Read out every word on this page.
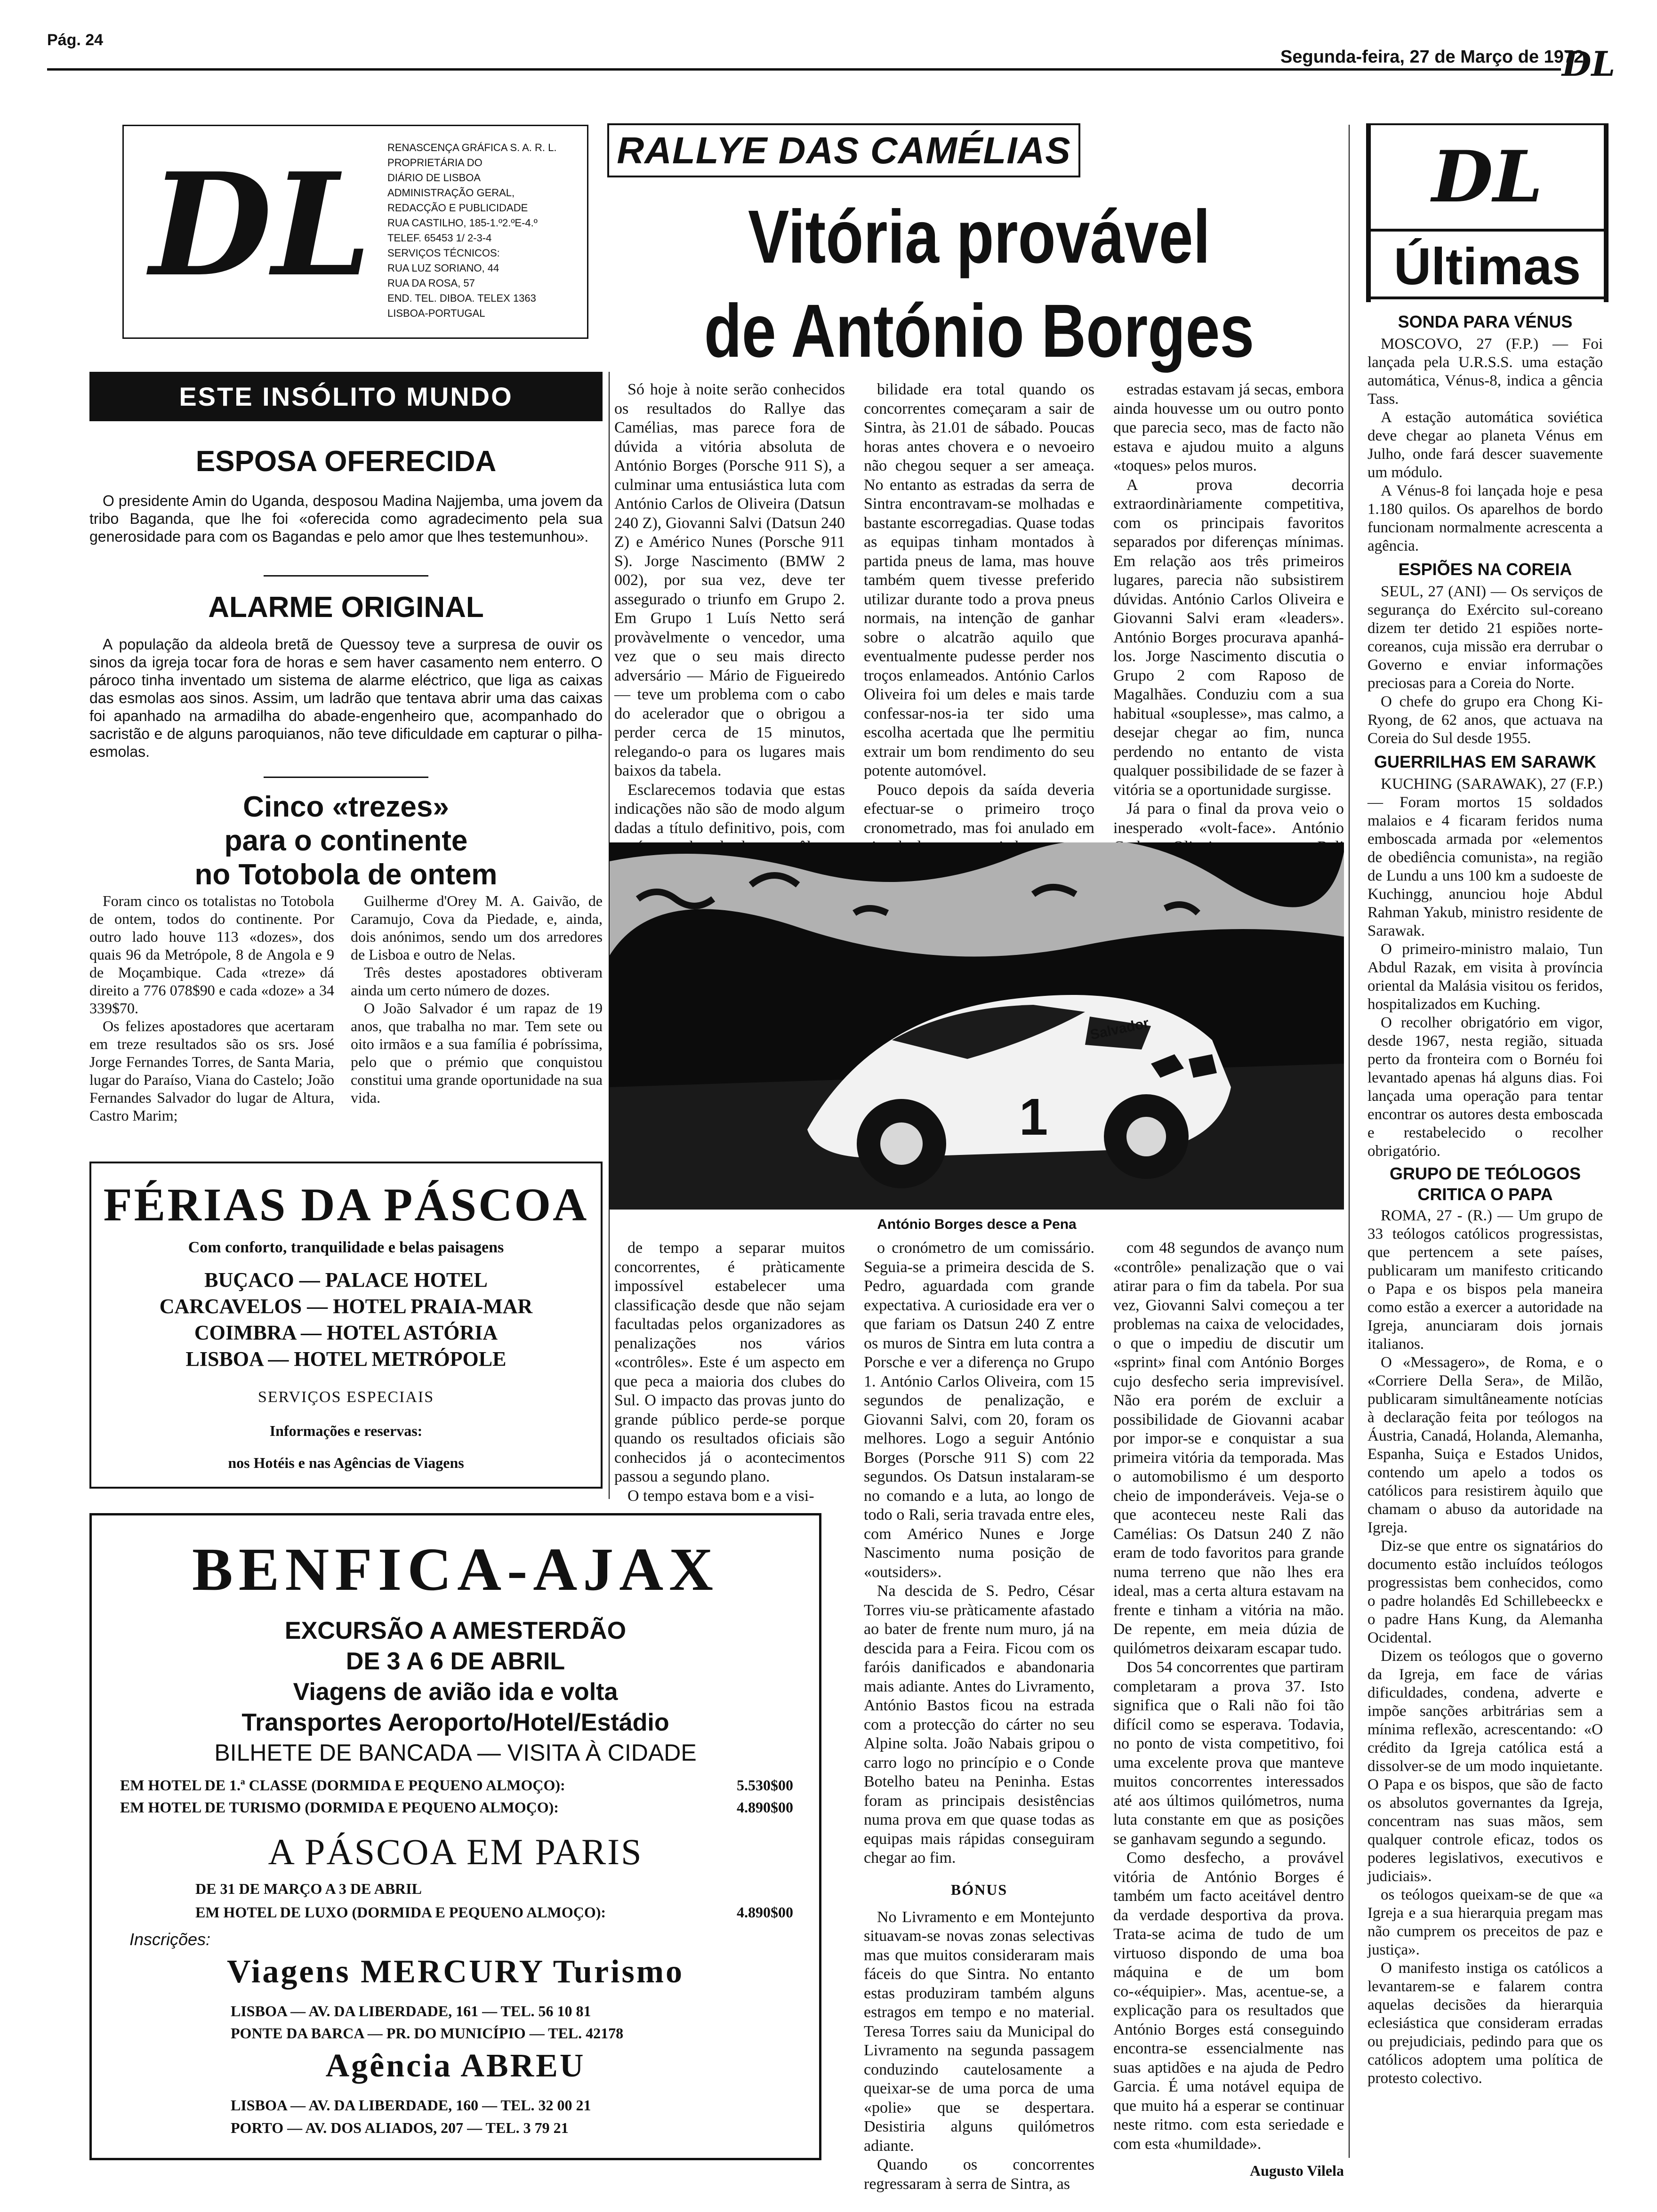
Pág. 24
Segunda-feira, 27 de Março de 1972
DL
DL RENASCENÇA GRÁFICA S. A. R. L.
PROPRIETÁRIA DO
DIÁRIO DE LISBOA
ADMINISTRAÇÃO GERAL,
REDACÇÃO E PUBLICIDADE
RUA CASTILHO, 185-1.º2.ºE-4.º
TELEF. 65453 1/ 2-3-4
SERVIÇOS TÉCNICOS:
RUA LUZ SORIANO, 44
RUA DA ROSA, 57
END. TEL. DIBOA. TELEX 1363
LISBOA-PORTUGAL
ESTE INSÓLITO MUNDO
ESPOSA OFERECIDA

O presidente Amin do Uganda, desposou Madina Najjemba, uma jovem da tribo Baganda, que lhe foi «oferecida como agradecimento pela sua generosidade para com os Bagandas e pelo amor que lhes testemunhou».

ALARME ORIGINAL

A população da aldeola bretã de Quessoy teve a surpresa de ouvir os sinos da igreja tocar fora de horas e sem haver casamento nem enterro. O pároco tinha inventado um sistema de alarme eléctrico, que liga as caixas das esmolas aos sinos. Assim, um ladrão que tentava abrir uma das caixas foi apanhado na armadilha do abade-engenheiro que, acompanhado do sacristão e de alguns paroquianos, não teve dificuldade em capturar o pilha-esmolas.

Cinco «trezes»
para o continente
no Totobola de ontem

Foram cinco os totalistas no Totobola de ontem, todos do continente. Por outro lado houve 113 «dozes», dos quais 96 da Metrópole, 8 de Angola e 9 de Moçambique. Cada «treze» dá direito a 776 078$90 e cada «doze» a 34 339$70.

Os felizes apostadores que acertaram em treze resultados são os srs. José Jorge Fernandes Torres, de Santa Maria, lugar do Paraíso, Viana do Castelo; João Fernandes Salvador do lugar de Altura, Castro Marim;

Guilherme d'Orey M. A. Gaivão, de Caramujo, Cova da Piedade, e, ainda, dois anónimos, sendo um dos arredores de Lisboa e outro de Nelas.

Três destes apostadores obtiveram ainda um certo número de dozes.

O João Salvador é um rapaz de 19 anos, que trabalha no mar. Tem sete ou oito irmãos e a sua família é pobríssima, pelo que o prémio que conquistou constitui uma grande oportunidade na sua vida.

FÉRIAS DA PÁSCOA
Com conforto, tranquilidade e belas paisagens
BUÇACO — PALACE HOTEL
CARCAVELOS — HOTEL PRAIA-MAR
COIMBRA — HOTEL ASTÓRIA
LISBOA — HOTEL METRÓPOLE
SERVIÇOS ESPECIAIS
Informações e reservas:
nos Hotéis e nas Agências de Viagens
BENFICA-AJAX
EXCURSÃO A AMESTERDÃO
DE 3 A 6 DE ABRIL
Viagens de avião ida e volta
Transportes Aeroporto/Hotel/Estádio
BILHETE DE BANCADA — VISITA À CIDADE
EM HOTEL DE 1.ª CLASSE (DORMIDA E PEQUENO ALMOÇO):	5.530$00
EM HOTEL DE TURISMO (DORMIDA E PEQUENO ALMOÇO):	4.890$00
A PÁSCOA EM PARIS
DE 31 DE MARÇO A 3 DE ABRIL
EM HOTEL DE LUXO (DORMIDA E PEQUENO ALMOÇO):	4.890$00
Inscrições:
Viagens MERCURY Turismo
LISBOA — AV. DA LIBERDADE, 161 — TEL. 56 10 81
PONTE DA BARCA — PR. DO MUNICÍPIO — TEL. 42178
Agência ABREU
LISBOA — AV. DA LIBERDADE, 160 — TEL. 32 00 21
PORTO — AV. DOS ALIADOS, 207 — TEL. 3 79 21
RALLYE DAS CAMÉLIAS
Vitória provável
de António Borges

Só hoje à noite serão conhecidos os resultados do Rallye das Camélias, mas parece fora de dúvida a vitória absoluta de António Borges (Porsche 911 S), a culminar uma entusiástica luta com António Carlos de Oliveira (Datsun 240 Z), Giovanni Salvi (Datsun 240 Z) e Américo Nunes (Porsche 911 S). Jorge Nascimento (BMW 2 002), por sua vez, deve ter assegurado o triunfo em Grupo 2. Em Grupo 1 Luís Netto será provàvelmente o vencedor, uma vez que o seu mais directo adversário — Mário de Figueiredo — teve um problema com o cabo do acelerador que o obrigou a perder cerca de 15 minutos, relegando-o para os lugares mais baixos da tabela.

Esclarecemos todavia que estas indicações não são de modo algum dadas a título definitivo, pois, com

bilidade era total quando os concorrentes começaram a sair de Sintra, às 21.01 de sábado. Poucas horas antes chovera e o nevoeiro não chegou sequer a ser ameaça. No entanto as estradas da serra de Sintra encontravam-se molhadas e bastante escorregadias. Quase todas as equipas tinham montados à partida pneus de lama, mas houve também quem tivesse preferido utilizar durante todo a prova pneus normais, na intenção de ganhar sobre o alcatrão aquilo que eventualmente pudesse perder nos troços enlameados. António Carlos Oliveira foi um deles e mais tarde confessar-nos-ia ter sido uma escolha acertada que lhe permitiu extrair um bom rendimento do seu potente automóvel.

Pouco depois da saída deveria efectuar-se o primeiro troço cronometrado, mas foi anulado em

estradas estavam já secas, embora ainda houvesse um ou outro ponto que parecia seco, mas de facto não estava e ajudou muito a alguns «toques» pelos muros.

A prova decorria extraordinàriamente competitiva, com os principais favoritos separados por diferenças mínimas. Em relação aos três primeiros lugares, parecia não subsistirem dúvidas. António Carlos Oliveira e Giovanni Salvi eram «leaders». António Borges procurava apanhá-los. Jorge Nascimento discutia o Grupo 2 com Raposo de Magalhães. Conduziu com a sua habitual «souplesse», mas calmo, a desejar chegar ao fim, nunca perdendo no entanto de vista qualquer possibilidade de se fazer à vitória se a oportunidade surgisse.

Já para o final da prova veio o inesperado «volt-face». António

1
Salvador
António Borges desce a Pena

de tempo a separar muitos concorrentes, é pràticamente impossível estabelecer uma classificação desde que não sejam facultadas pelos organizadores as penalizações nos vários «contrôles». Este é um aspecto em que peca a maioria dos clubes do Sul. O impacto das provas junto do grande público perde-se porque quando os resultados oficiais são conhecidos já o acontecimentos passou a segundo plano.

O tempo estava bom e a visi-

o cronómetro de um comissário. Seguia-se a primeira descida de S. Pedro, aguardada com grande expectativa. A curiosidade era ver o que fariam os Datsun 240 Z entre os muros de Sintra em luta contra a Porsche e ver a diferença no Grupo 1. António Carlos Oliveira, com 15 segundos de penalização, e Giovanni Salvi, com 20, foram os melhores. Logo a seguir António Borges (Porsche 911 S) com 22 segundos. Os Datsun instalaram-se no comando e a luta, ao longo de todo o Rali, seria travada entre eles, com Américo Nunes e Jorge Nascimento numa posição de «outsiders».

Na descida de S. Pedro, César Torres viu-se pràticamente afastado ao bater de frente num muro, já na descida para a Feira. Ficou com os faróis danificados e abandonaria mais adiante. Antes do Livramento, António Bastos ficou na estrada com a protecção do cárter no seu Alpine solta. João Nabais gripou o carro logo no princípio e o Conde Botelho bateu na Peninha. Estas foram as principais desistências numa prova em que quase todas as equipas mais rápidas conseguiram chegar ao fim.

BÓNUS

No Livramento e em Montejunto situavam-se novas zonas selectivas mas que muitos consideraram mais fáceis do que Sintra. No entanto estas produziram também alguns estragos em tempo e no material. Teresa Torres saiu da Municipal do Livramento na segunda passagem conduzindo cautelosamente a queixar-se de uma porca de uma «polie» que se despertara. Desistiria alguns quilómetros adiante.

Quando os concorrentes regressaram à serra de Sintra, as

com 48 segundos de avanço num «contrôle» penalização que o vai atirar para o fim da tabela. Por sua vez, Giovanni Salvi começou a ter problemas na caixa de velocidades, o que o impediu de discutir um «sprint» final com António Borges cujo desfecho seria imprevisível. Não era porém de excluir a possibilidade de Giovanni acabar por impor-se e conquistar a sua primeira vitória da temporada. Mas o automobilismo é um desporto cheio de imponderáveis. Veja-se o que aconteceu neste Rali das Camélias: Os Datsun 240 Z não eram de todo favoritos para grande numa terreno que não lhes era ideal, mas a certa altura estavam na frente e tinham a vitória na mão. De repente, em meia dúzia de quilómetros deixaram escapar tudo.

Dos 54 concorrentes que partiram completaram a prova 37. Isto significa que o Rali não foi tão difícil como se esperava. Todavia, no ponto de vista competitivo, foi uma excelente prova que manteve muitos concorrentes interessados até aos últimos quilómetros, numa luta constante em que as posições se ganhavam segundo a segundo.

Como desfecho, a provável vitória de António Borges é também um facto aceitável dentro da verdade desportiva da prova. Trata-se acima de tudo de um virtuoso dispondo de uma boa máquina e de um bom co-«équipier». Mas, acentue-se, a explicação para os resultados que António Borges está conseguindo encontra-se essencialmente nas suas aptidões e na ajuda de Pedro Garcia. É uma notável equipa de que muito há a esperar se continuar neste ritmo. com esta seriedade e com esta «humildade».

Augusto Vilela
DL
Últimas
SONDA PARA VÉNUS

MOSCOVO, 27 (F.P.) — Foi lançada pela U.R.S.S. uma estação automática, Vénus-8, indica a gência Tass.

A estação automática soviética deve chegar ao planeta Vénus em Julho, onde fará descer suavemente um módulo.

A Vénus-8 foi lançada hoje e pesa 1.180 quilos. Os aparelhos de bordo funcionam normalmente acrescenta a agência.

ESPIÕES NA COREIA

SEUL, 27 (ANI) — Os serviços de segurança do Exército sul-coreano dizem ter detido 21 espiões norte-coreanos, cuja missão era derrubar o Governo e enviar informações preciosas para a Coreia do Norte.

O chefe do grupo era Chong Ki-Ryong, de 62 anos, que actuava na Coreia do Sul desde 1955.

GUERRILHAS EM SARAWK

KUCHING (SARAWAK), 27 (F.P.) — Foram mortos 15 soldados malaios e 4 ficaram feridos numa emboscada armada por «elementos de obediência comunista», na região de Lundu a uns 100 km a sudoeste de Kuchingg, anunciou hoje Abdul Rahman Yakub, ministro residente de Sarawak.

O primeiro-ministro malaio, Tun Abdul Razak, em visita à província oriental da Malásia visitou os feridos, hospitalizados em Kuching.

O recolher obrigatório em vigor, desde 1967, nesta região, situada perto da fronteira com o Bornéu foi levantado apenas há alguns dias. Foi lançada uma operação para tentar encontrar os autores desta emboscada e restabelecido o recolher obrigatório.

GRUPO DE TEÓLOGOS
CRITICA O PAPA

ROMA, 27 - (R.) — Um grupo de 33 teólogos católicos progressistas, que pertencem a sete países, publicaram um manifesto criticando o Papa e os bispos pela maneira como estão a exercer a autoridade na Igreja, anunciaram dois jornais italianos.

O «Messagero», de Roma, e o «Corriere Della Sera», de Milão, publicaram simultâneamente notícias à declaração feita por teólogos na Áustria, Canadá, Holanda, Alemanha, Espanha, Suiça e Estados Unidos, contendo um apelo a todos os católicos para resistirem àquilo que chamam o abuso da autoridade na Igreja.

Diz-se que entre os signatários do documento estão incluídos teólogos progressistas bem conhecidos, como o padre holandês Ed Schillebeeckx e o padre Hans Kung, da Alemanha Ocidental.

Dizem os teólogos que o governo da Igreja, em face de várias dificuldades, condena, adverte e impõe sanções arbitrárias sem a mínima reflexão, acrescentando: «O crédito da Igreja católica está a dissolver-se de um modo inquietante. O Papa e os bispos, que são de facto os absolutos governantes da Igreja, concentram nas suas mãos, sem qualquer controle eficaz, todos os poderes legislativos, executivos e judiciais».

os teólogos queixam-se de que «a Igreja e a sua hierarquia pregam mas não cumprem os preceitos de paz e justiça».

O manifesto instiga os católicos a levantarem-se e falarem contra aquelas decisões da hierarquia eclesiástica que consideram erradas ou prejudiciais, pedindo para que os católicos adoptem uma política de protesto colectivo.
